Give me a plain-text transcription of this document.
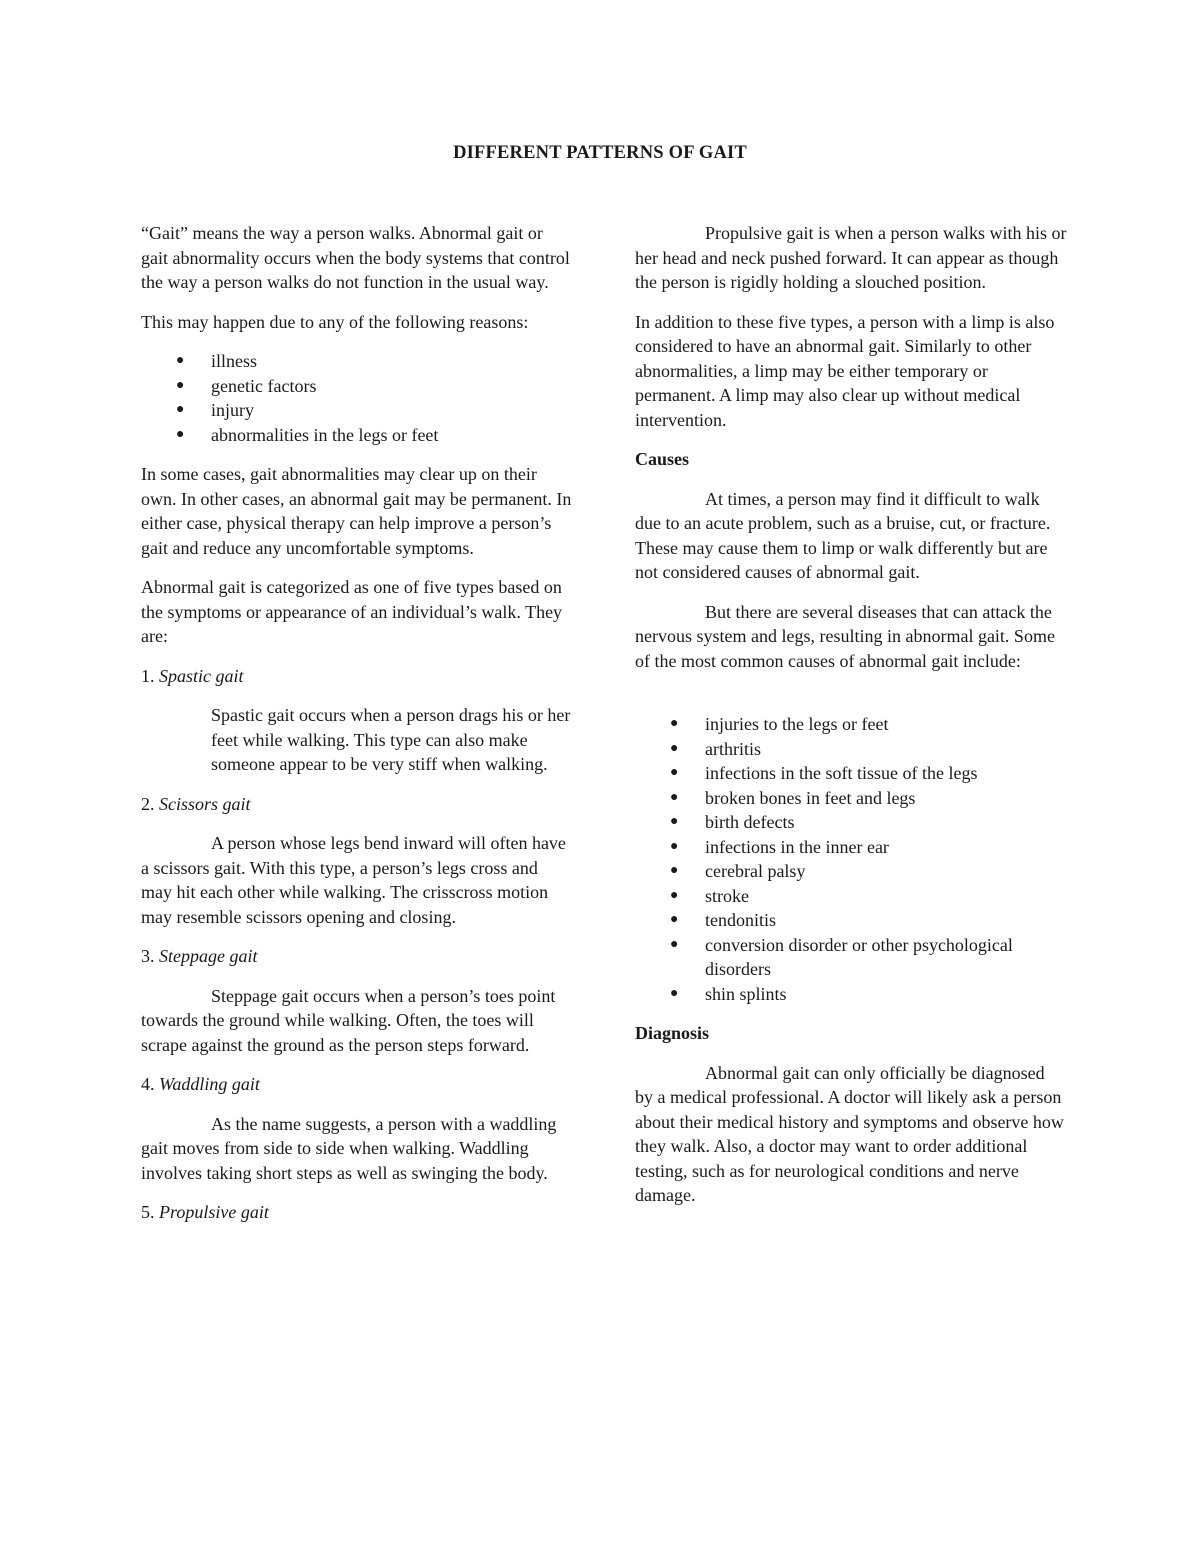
DIFFERENT PATTERNS OF GAIT

“Gait” means the way a person walks. Abnormal gait or gait abnormality occurs when the body systems that control the way a person walks do not function in the usual way.

This may happen due to any of the following reasons:

● illness
● genetic factors
● injury
● abnormalities in the legs or feet

In some cases, gait abnormalities may clear up on their own. In other cases, an abnormal gait may be permanent. In either case, physical therapy can help improve a person’s gait and reduce any uncomfortable symptoms.

Abnormal gait is categorized as one of five types based on the symptoms or appearance of an individual’s walk. They are:

1. Spastic gait

Spastic gait occurs when a person drags his or her feet while walking. This type can also make someone appear to be very stiff when walking.

2. Scissors gait

A person whose legs bend inward will often have a scissors gait. With this type, a person’s legs cross and may hit each other while walking. The crisscross motion may resemble scissors opening and closing.

3. Steppage gait

Steppage gait occurs when a person’s toes point towards the ground while walking. Often, the toes will scrape against the ground as the person steps forward.

4. Waddling gait

As the name suggests, a person with a waddling gait moves from side to side when walking. Waddling involves taking short steps as well as swinging the body.

5. Propulsive gait

Propulsive gait is when a person walks with his or her head and neck pushed forward. It can appear as though the person is rigidly holding a slouched position.

In addition to these five types, a person with a limp is also considered to have an abnormal gait. Similarly to other abnormalities, a limp may be either temporary or permanent. A limp may also clear up without medical intervention.

Causes

At times, a person may find it difficult to walk due to an acute problem, such as a bruise, cut, or fracture. These may cause them to limp or walk differently but are not considered causes of abnormal gait.

But there are several diseases that can attack the nervous system and legs, resulting in abnormal gait. Some of the most common causes of abnormal gait include:

● injuries to the legs or feet
● arthritis
● infections in the soft tissue of the legs
● broken bones in feet and legs
● birth defects
● infections in the inner ear
● cerebral palsy
● stroke
● tendonitis
● conversion disorder or other psychological disorders
● shin splints
Diagnosis

Abnormal gait can only officially be diagnosed by a medical professional. A doctor will likely ask a person about their medical history and symptoms and observe how they walk. Also, a doctor may want to order additional testing, such as for neurological conditions and nerve damage.
